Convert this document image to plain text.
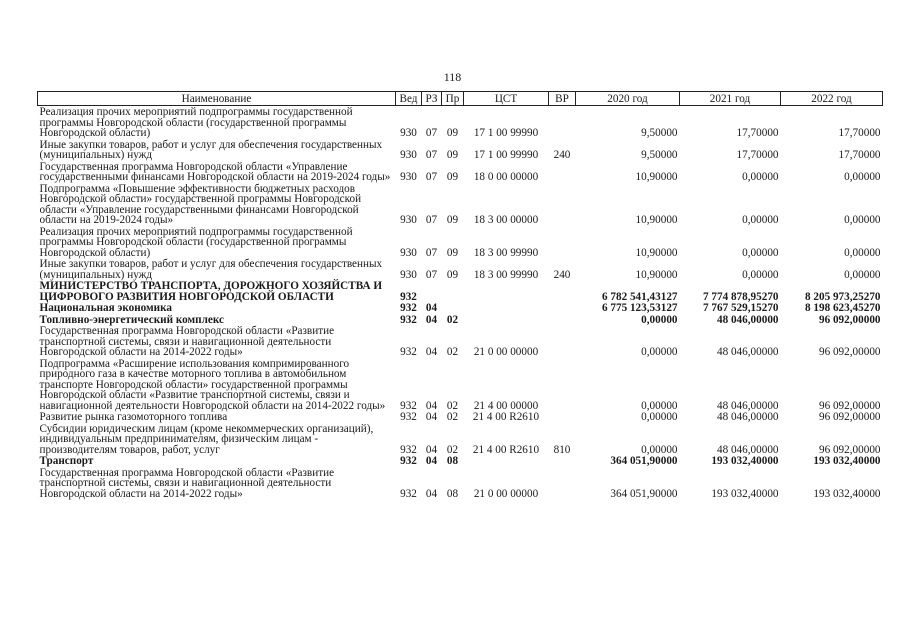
118
Наименование	Вед	РЗ	Пр	ЦСТ	ВР	2020 год	2021 год	2022 год
Реализация прочих мероприятий подпрограммы государственной программы Новгородской области (государственной программы Новгородской области)	930	07	09	17 1 00 99990		9,50000	17,70000	17,70000
Иные закупки товаров, работ и услуг для обеспечения государственных (муниципальных) нужд	930	07	09	17 1 00 99990	240	9,50000	17,70000	17,70000
Государственная программа Новгородской области «Управление государственными финансами Новгородской области на 2019-2024 годы»	930	07	09	18 0 00 00000		10,90000	0,00000	0,00000
Подпрограмма «Повышение эффективности бюджетных расходов Новгородской области» государственной программы Новгородской области «Управление государственными финансами Новгородской области на 2019-2024 годы»	930	07	09	18 3 00 00000		10,90000	0,00000	0,00000
Реализация прочих мероприятий подпрограммы государственной программы Новгородской области (государственной программы Новгородской области)	930	07	09	18 3 00 99990		10,90000	0,00000	0,00000
Иные закупки товаров, работ и услуг для обеспечения государственных (муниципальных) нужд	930	07	09	18 3 00 99990	240	10,90000	0,00000	0,00000
МИНИСТЕРСТВО ТРАНСПОРТА, ДОРОЖНОГО ХОЗЯЙСТВА И ЦИФРОВОГО РАЗВИТИЯ НОВГОРОДСКОЙ ОБЛАСТИ	932					6 782 541,43127	7 774 878,95270	8 205 973,25270
Национальная экономика	932	04				6 775 123,53127	7 767 529,15270	8 198 623,45270
Топливно-энергетический комплекс	932	04	02			0,00000	48 046,00000	96 092,00000
Государственная программа Новгородской области «Развитие транспортной системы, связи и навигационной деятельности Новгородской области на 2014-2022 годы»	932	04	02	21 0 00 00000		0,00000	48 046,00000	96 092,00000
Подпрограмма «Расширение использования компримированного природного газа в качестве моторного топлива в автомобильном транспорте Новгородской области» государственной программы Новгородской области «Развитие транспортной системы, связи и навигационной деятельности Новгородской области на 2014-2022 годы»	932	04	02	21 4 00 00000		0,00000	48 046,00000	96 092,00000
Развитие рынка газомоторного топлива	932	04	02	21 4 00 R2610		0,00000	48 046,00000	96 092,00000
Субсидии юридическим лицам (кроме некоммерческих организаций), индивидуальным предпринимателям, физическим лицам - производителям товаров, работ, услуг	932	04	02	21 4 00 R2610	810	0,00000	48 046,00000	96 092,00000
Транспорт	932	04	08			364 051,90000	193 032,40000	193 032,40000
Государственная программа Новгородской области «Развитие транспортной системы, связи и навигационной деятельности Новгородской области на 2014-2022 годы»	932	04	08	21 0 00 00000		364 051,90000	193 032,40000	193 032,40000
